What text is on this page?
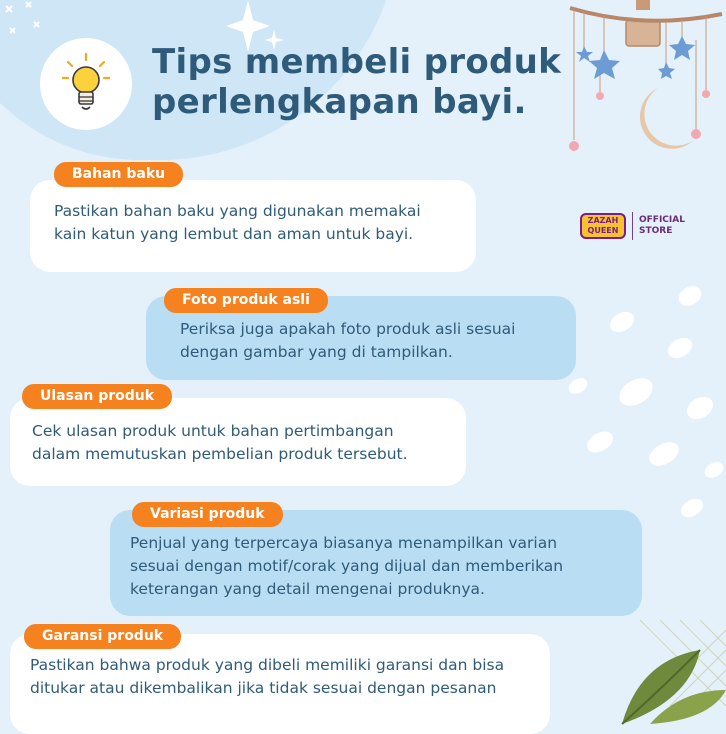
Tips membeli produk
perlengkapan bayi.
ZAZAH
QUEEN
OFFICIAL
STORE
Pastikan bahan baku yang digunakan memakai
kain katun yang lembut dan aman untuk bayi.
Bahan baku
Periksa juga apakah foto produk asli sesuai
dengan gambar yang di tampilkan.
Foto produk asli
Cek ulasan produk untuk bahan pertimbangan
dalam memutuskan pembelian produk tersebut.
Ulasan produk
Penjual yang terpercaya biasanya menampilkan varian
sesuai dengan motif/corak yang dijual dan memberikan
keterangan yang detail mengenai produknya.
Variasi produk
Pastikan bahwa produk yang dibeli memiliki garansi dan bisa
ditukar atau dikembalikan jika tidak sesuai dengan pesanan
Garansi produk
